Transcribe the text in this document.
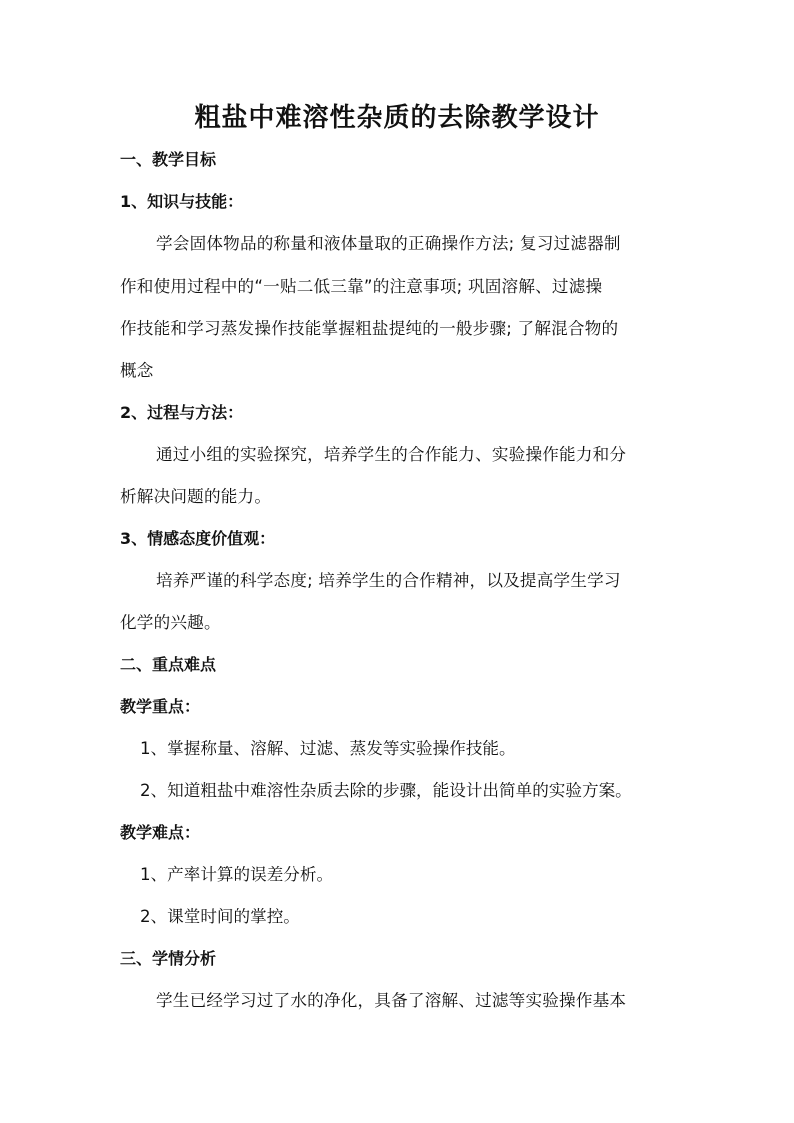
粗盐中难溶性杂质的去除教学设计
一、教学目标
1、知识与技能：
学会固体物品的称量和液体量取的正确操作方法; 复习过滤器制
作和使用过程中的“一贴二低三靠”的注意事项; 巩固溶解、过滤操
作技能和学习蒸发操作技能掌握粗盐提纯的一般步骤; 了解混合物的
概念
2、过程与方法：
通过小组的实验探究，培养学生的合作能力、实验操作能力和分
析解决问题的能力。
3、情感态度价值观：
培养严谨的科学态度; 培养学生的合作精神，以及提高学生学习
化学的兴趣。
二、重点难点
教学重点：
1、掌握称量、溶解、过滤、蒸发等实验操作技能。
2、知道粗盐中难溶性杂质去除的步骤，能设计出简单的实验方案。
教学难点：
1、产率计算的误差分析。
2、课堂时间的掌控。
三、学情分析
学生已经学习过了水的净化，具备了溶解、过滤等实验操作基本
